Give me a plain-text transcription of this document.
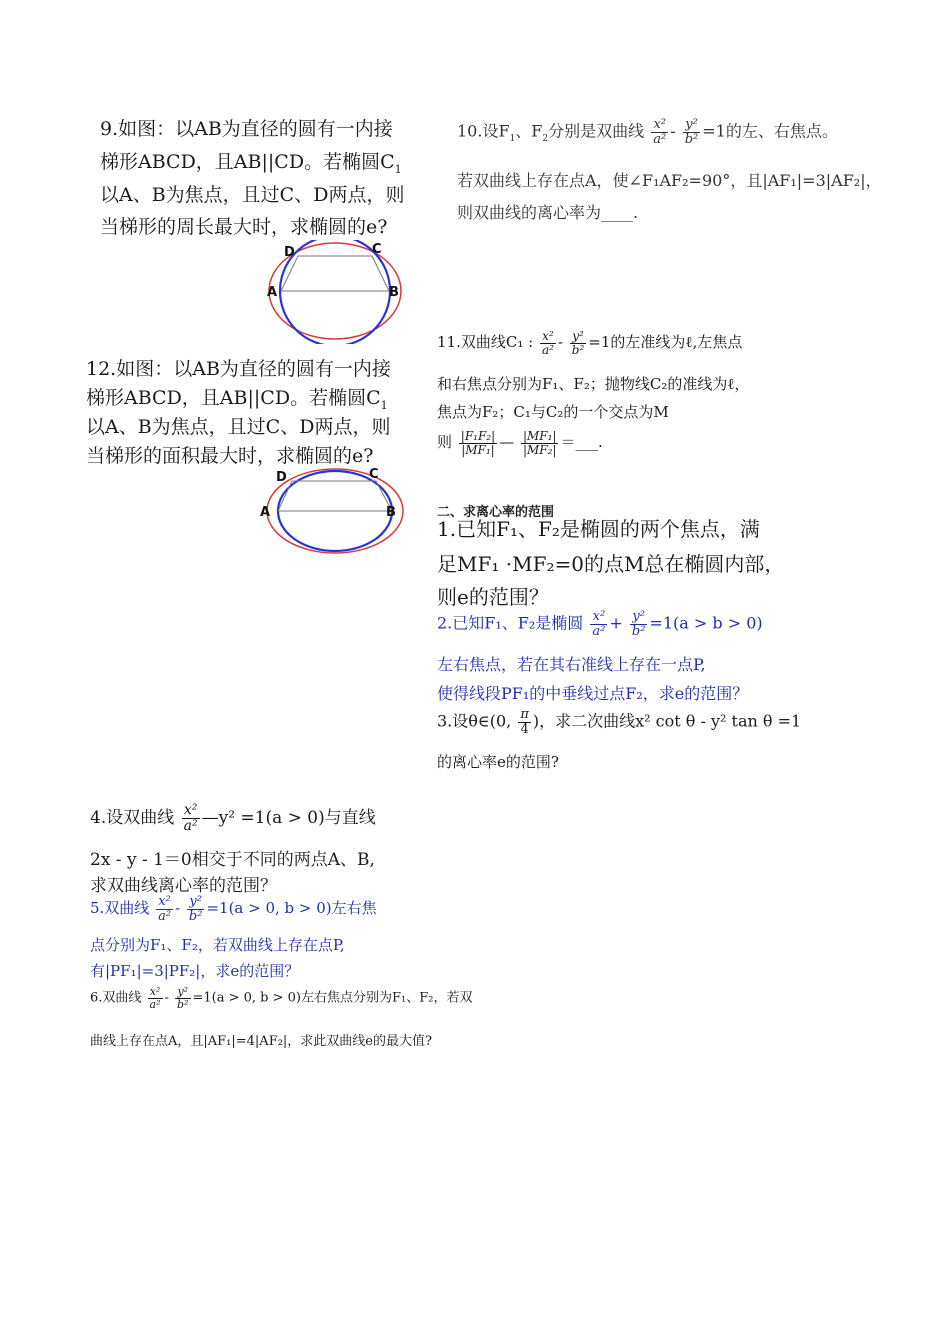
9.如图：以AB为直径的圆有一内接
梯形ABCD，且AB||CD。若椭圆$C_1$
以A、B为焦点，且过C、D两点，则
当梯形的周长最大时，求椭圆的e?
D	C
A	B
10.设$F_1$、$F_2$分别是双曲线 $\frac{\text{x²}}{\text{a²}} - \frac{\text{y²}}{\text{b²}} =1$的左、右焦点。
若双曲线上存在点A，使∠F₁AF₂=90°，且|AF₁|=3|AF₂|，
则双曲线的离心率为____.
11.双曲线C₁ : $\frac{\text{x²}}{\text{a²}} - \frac{\text{y²}}{\text{b²}} =1$的左准线为ℓ,左焦点
和右焦点分别为F₁、F₂；抛物线C₂的准线为ℓ，
焦点为F₂；C₁与C₂的一个交点为M
则 $\frac{\text{|F₁F₂|}}{\text{|MF₁|}}$ — $\frac{\text{|MF₁|}}{\text{|MF₂|}}$ ＝___.
12.如图：以AB为直径的圆有一内接
梯形ABCD，且AB||CD。若椭圆$C_1$
以A、B为焦点，且过C、D两点，则
当梯形的面积最大时，求椭圆的e?
D	C
A	B	二、求离心率的范围
1.已知F₁、F₂是椭圆的两个焦点，满
足MF₁ ·MF₂=0的点M总在椭圆内部，
则e的范围？
2.已知F₁、F₂是椭圆 $\frac{\text{x²}}{\text{a²}} + \frac{\text{y²}}{\text{b²}} =1(a > b > 0)$
左右焦点，若在其右准线上存在一点P,
使得线段PF₁的中垂线过点F₂，求e的范围？
3.设θ∈(0, $\frac{\pi}{4}$ )，求二次曲线x² cot θ - y² tan θ =1
的离心率e的范围?
4.设双曲线 $\frac{\text{x²}}{\text{a²}}$ —y² =1(a > 0)与直线
2x - y - 1＝0相交于不同的两点A、B,
求双曲线离心率的范围？
5.双曲线 $\frac{\text{x²}}{\text{a²}} - \frac{\text{y²}}{\text{b²}} =1(a > 0$, b > 0)左右焦
点分别为F₁、F₂，若双曲线上存在点P,
有|PF₁|=3|PF₂|，求e的范围？
6.双曲线 $\frac{\text{x²}}{\text{a²}} - \frac{\text{y²}}{\text{b²}} =1(a > 0$, b > 0)左右焦点分别为F₁、F₂，若双
曲线上存在点A，且|AF₁|=4|AF₂|，求此双曲线e的最大值?
